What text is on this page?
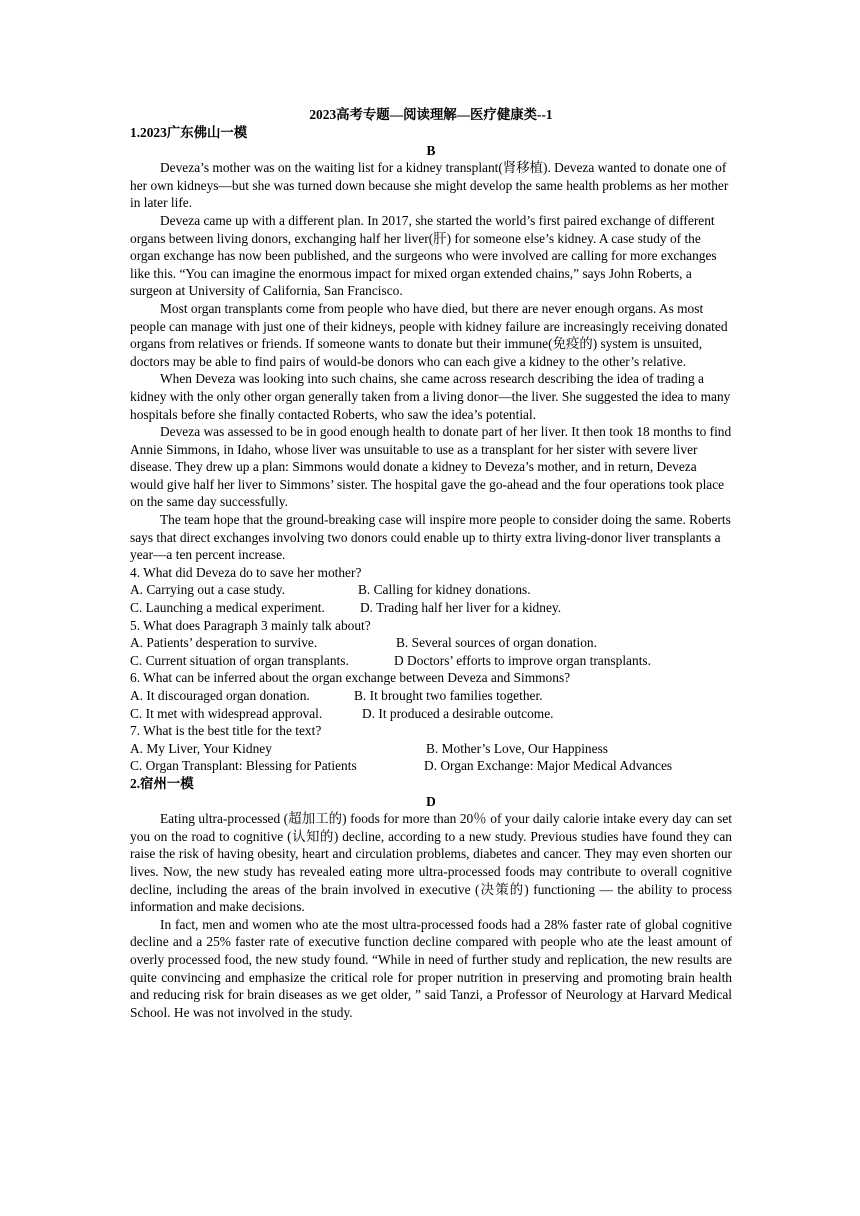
2023高考专题—阅读理解—医疗健康类--1

1.2023广东佛山一模

B

Deveza’s mother was on the waiting list for a kidney transplant(肾移植). Deveza wanted to donate one of her own kidneys—but she was turned down because she might develop the same health problems as her mother in later life.

Deveza came up with a different plan. In 2017, she started the world’s first paired exchange of different organs between living donors, exchanging half her liver(肝) for someone else’s kidney. A case study of the organ exchange has now been published, and the surgeons who were involved are calling for more exchanges like this. “You can imagine the enormous impact for mixed organ extended chains,” says John Roberts, a surgeon at University of California, San Francisco.

Most organ transplants come from people who have died, but there are never enough organs. As most people can manage with just one of their kidneys, people with kidney failure are increasingly receiving donated organs from relatives or friends. If someone wants to donate but their immune(免疫的) system is unsuited, doctors may be able to find pairs of would-be donors who can each give a kidney to the other’s relative.

When Deveza was looking into such chains, she came across research describing the idea of trading a kidney with the only other organ generally taken from a living donor—the liver. She suggested the idea to many hospitals before she finally contacted Roberts, who saw the idea’s potential.

Deveza was assessed to be in good enough health to donate part of her liver. It then took 18 months to find Annie Simmons, in Idaho, whose liver was unsuitable to use as a transplant for her sister with severe liver disease. They drew up a plan: Simmons would donate a kidney to Deveza’s mother, and in return, Deveza would give half her liver to Simmons’ sister. The hospital gave the go-ahead and the four operations took place on the same day successfully.

The team hope that the ground-breaking case will inspire more people to consider doing the same. Roberts says that direct exchanges involving two donors could enable up to thirty extra living-donor liver transplants a year—a ten percent increase.

4. What did Deveza do to save her mother?

A. Carrying out a case study.	B. Calling for kidney donations.

C. Launching a medical experiment.	D. Trading half her liver for a kidney.

5. What does Paragraph 3 mainly talk about?

A. Patients’ desperation to survive.	B. Several sources of organ donation.

C. Current situation of organ transplants.	D Doctors’ efforts to improve organ transplants.

6. What can be inferred about the organ exchange between Deveza and Simmons?

A. It discouraged organ donation.	B. It brought two families together.

C. It met with widespread approval.	D. It produced a desirable outcome.

7. What is the best title for the text?

A. My Liver, Your Kidney	B. Mother’s Love, Our Happiness

C. Organ Transplant: Blessing for Patients	D. Organ Exchange: Major Medical Advances

2.宿州一模

D

Eating ultra-processed (超加工的) foods for more than 20％ of your daily calorie intake every day can set you on the road to cognitive (认知的) decline, according to a new study. Previous studies have found they can raise the risk of having obesity, heart and circulation problems, diabetes and cancer. They may even shorten our lives. Now, the new study has revealed eating more ultra-processed foods may contribute to overall cognitive decline, including the areas of the brain involved in executive (决策的) functioning — the ability to process information and make decisions.

In fact, men and women who ate the most ultra-processed foods had a 28% faster rate of global cognitive decline and a 25% faster rate of executive function decline compared with people who ate the least amount of overly processed food, the new study found. “While in need of further study and replication, the new results are quite convincing and emphasize the critical role for proper nutrition in preserving and promoting brain health and reducing risk for brain diseases as we get older, ” said Tanzi, a Professor of Neurology at Harvard Medical School. He was not involved in the study.
